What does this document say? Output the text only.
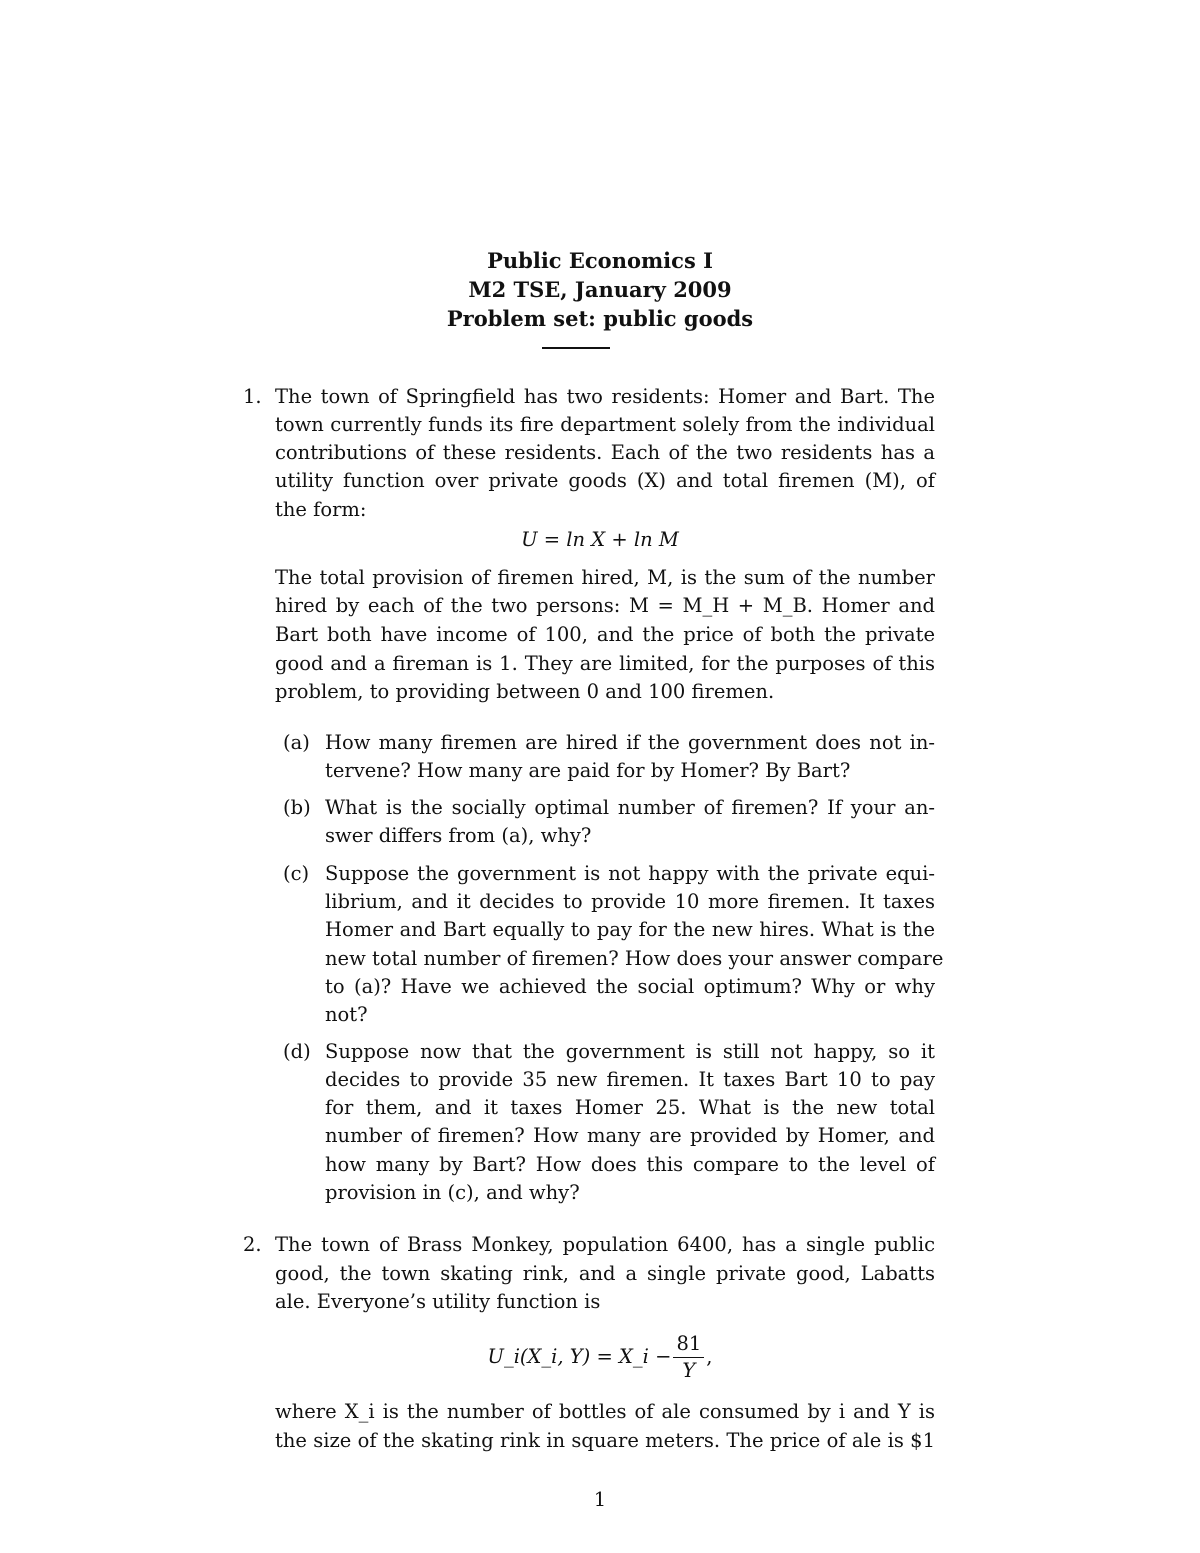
Public Economics I
M2 TSE, January 2009
Problem set: public goods
1. The town of Springfield has two residents: Homer and Bart. The
town currently funds its fire department solely from the individual
contributions of these residents. Each of the two residents has a
utility function over private goods (X) and total firemen (M), of
the form:
U = ln X + ln M
The total provision of firemen hired, M, is the sum of the number
hired by each of the two persons: M = M_H + M_B. Homer and
Bart both have income of 100, and the price of both the private
good and a fireman is 1. They are limited, for the purposes of this
problem, to providing between 0 and 100 firemen.
(a) How many firemen are hired if the government does not in-
tervene? How many are paid for by Homer? By Bart?
(b) What is the socially optimal number of firemen? If your an-
swer differs from (a), why?
(c) Suppose the government is not happy with the private equi-
librium, and it decides to provide 10 more firemen. It taxes
Homer and Bart equally to pay for the new hires. What is the
new total number of firemen? How does your answer compare
to (a)? Have we achieved the social optimum? Why or why
not?
(d) Suppose now that the government is still not happy, so it
decides to provide 35 new firemen. It taxes Bart 10 to pay
for them, and it taxes Homer 25. What is the new total
number of firemen? How many are provided by Homer, and
how many by Bart? How does this compare to the level of
provision in (c), and why?
2. The town of Brass Monkey, population 6400, has a single public
good, the town skating rink, and a single private good, Labatts
ale. Everyone’s utility function is
U_i(X_i, Y) = X_i − $\frac{81}{Y}$ ,
where X_i is the number of bottles of ale consumed by i and Y is
the size of the skating rink in square meters. The price of ale is $1
1
